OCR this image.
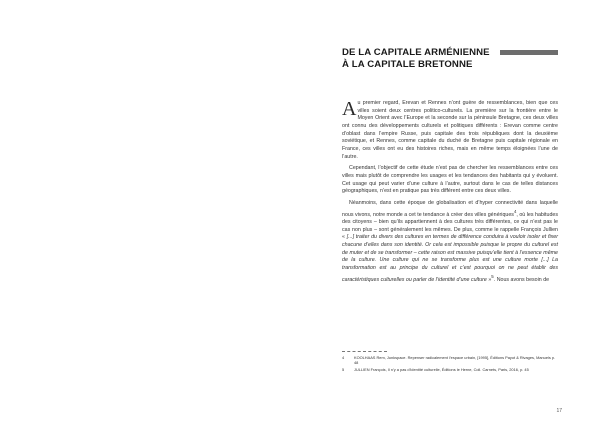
DE LA CAPITALE ARMÉNIENNE
À LA CAPITALE BRETONNE

Au premier regard, Erevan et Rennes n’ont guère de ressemblances, bien que ces villes soient deux centres politico-culturels. La première sur la frontière entre le Moyen Orient avec l’Europe et la seconde sur la péninsule Bretagne, ces deux villes ont connu des développements culturels et politiques différents : Erevan comme centre d’oblast dans l’empire Russe, puis capitale des trois républiques dont la deuxième soviétique, et Rennes, comme capitale du duché de Bretagne puis capitale régionale en France, ces villes ont eu des histoires riches, mais en même temps éloignées l’une de l’autre.

Cependant, l’objectif de cette étude n’est pas de chercher les ressemblances entre ces villes mais plutôt de comprendre les usages et les tendances des habitants qui y évoluent. Cet usage qui peut varier d’une culture à l’autre, surtout dans le cas de telles distances géographiques, n’est en pratique pas très différent entre ces deux villes.

Néanmoins, dans cette époque de globalisation et d’hyper connectivité dans laquelle nous vivons, notre monde a cet te tendance à créer des villes génériques$^4$, où les habitudes des citoyens – bien qu’ils appartiennent à des cultures très différentes, ce qui n’est pas le cas non plus – sont généralement les mêmes. De plus, comme le rappelle François Jullien « [...] traiter du divers des cultures en termes de différence conduira à vouloir isoler et fixer chacune d’elles dans son identité. Or cela est impossible puisque le propre du culturel est de muter et de se transformer – cette raison est massive puisqu’elle tient à l’essence même de la culture. Une culture qui ne se transforme plus est une culture morte [...] La transformation est au principe du culturel et c’est pourquoi on ne peut établir des caractéristiques culturelles ou parler de l’identité d’une culture »$^5$. Nous avons besoin de

4	KOOLHAAS Rem, Junkspace. Repenser radicalement l’espace urbain, [1995], Éditions Payot & Rivages, Manuels p. 48
5	JULLIEN François, Il n’y a pas d’identité culturelle, Éditions le Herne, Coll. Carnets, Paris, 2016, p. 45
17
